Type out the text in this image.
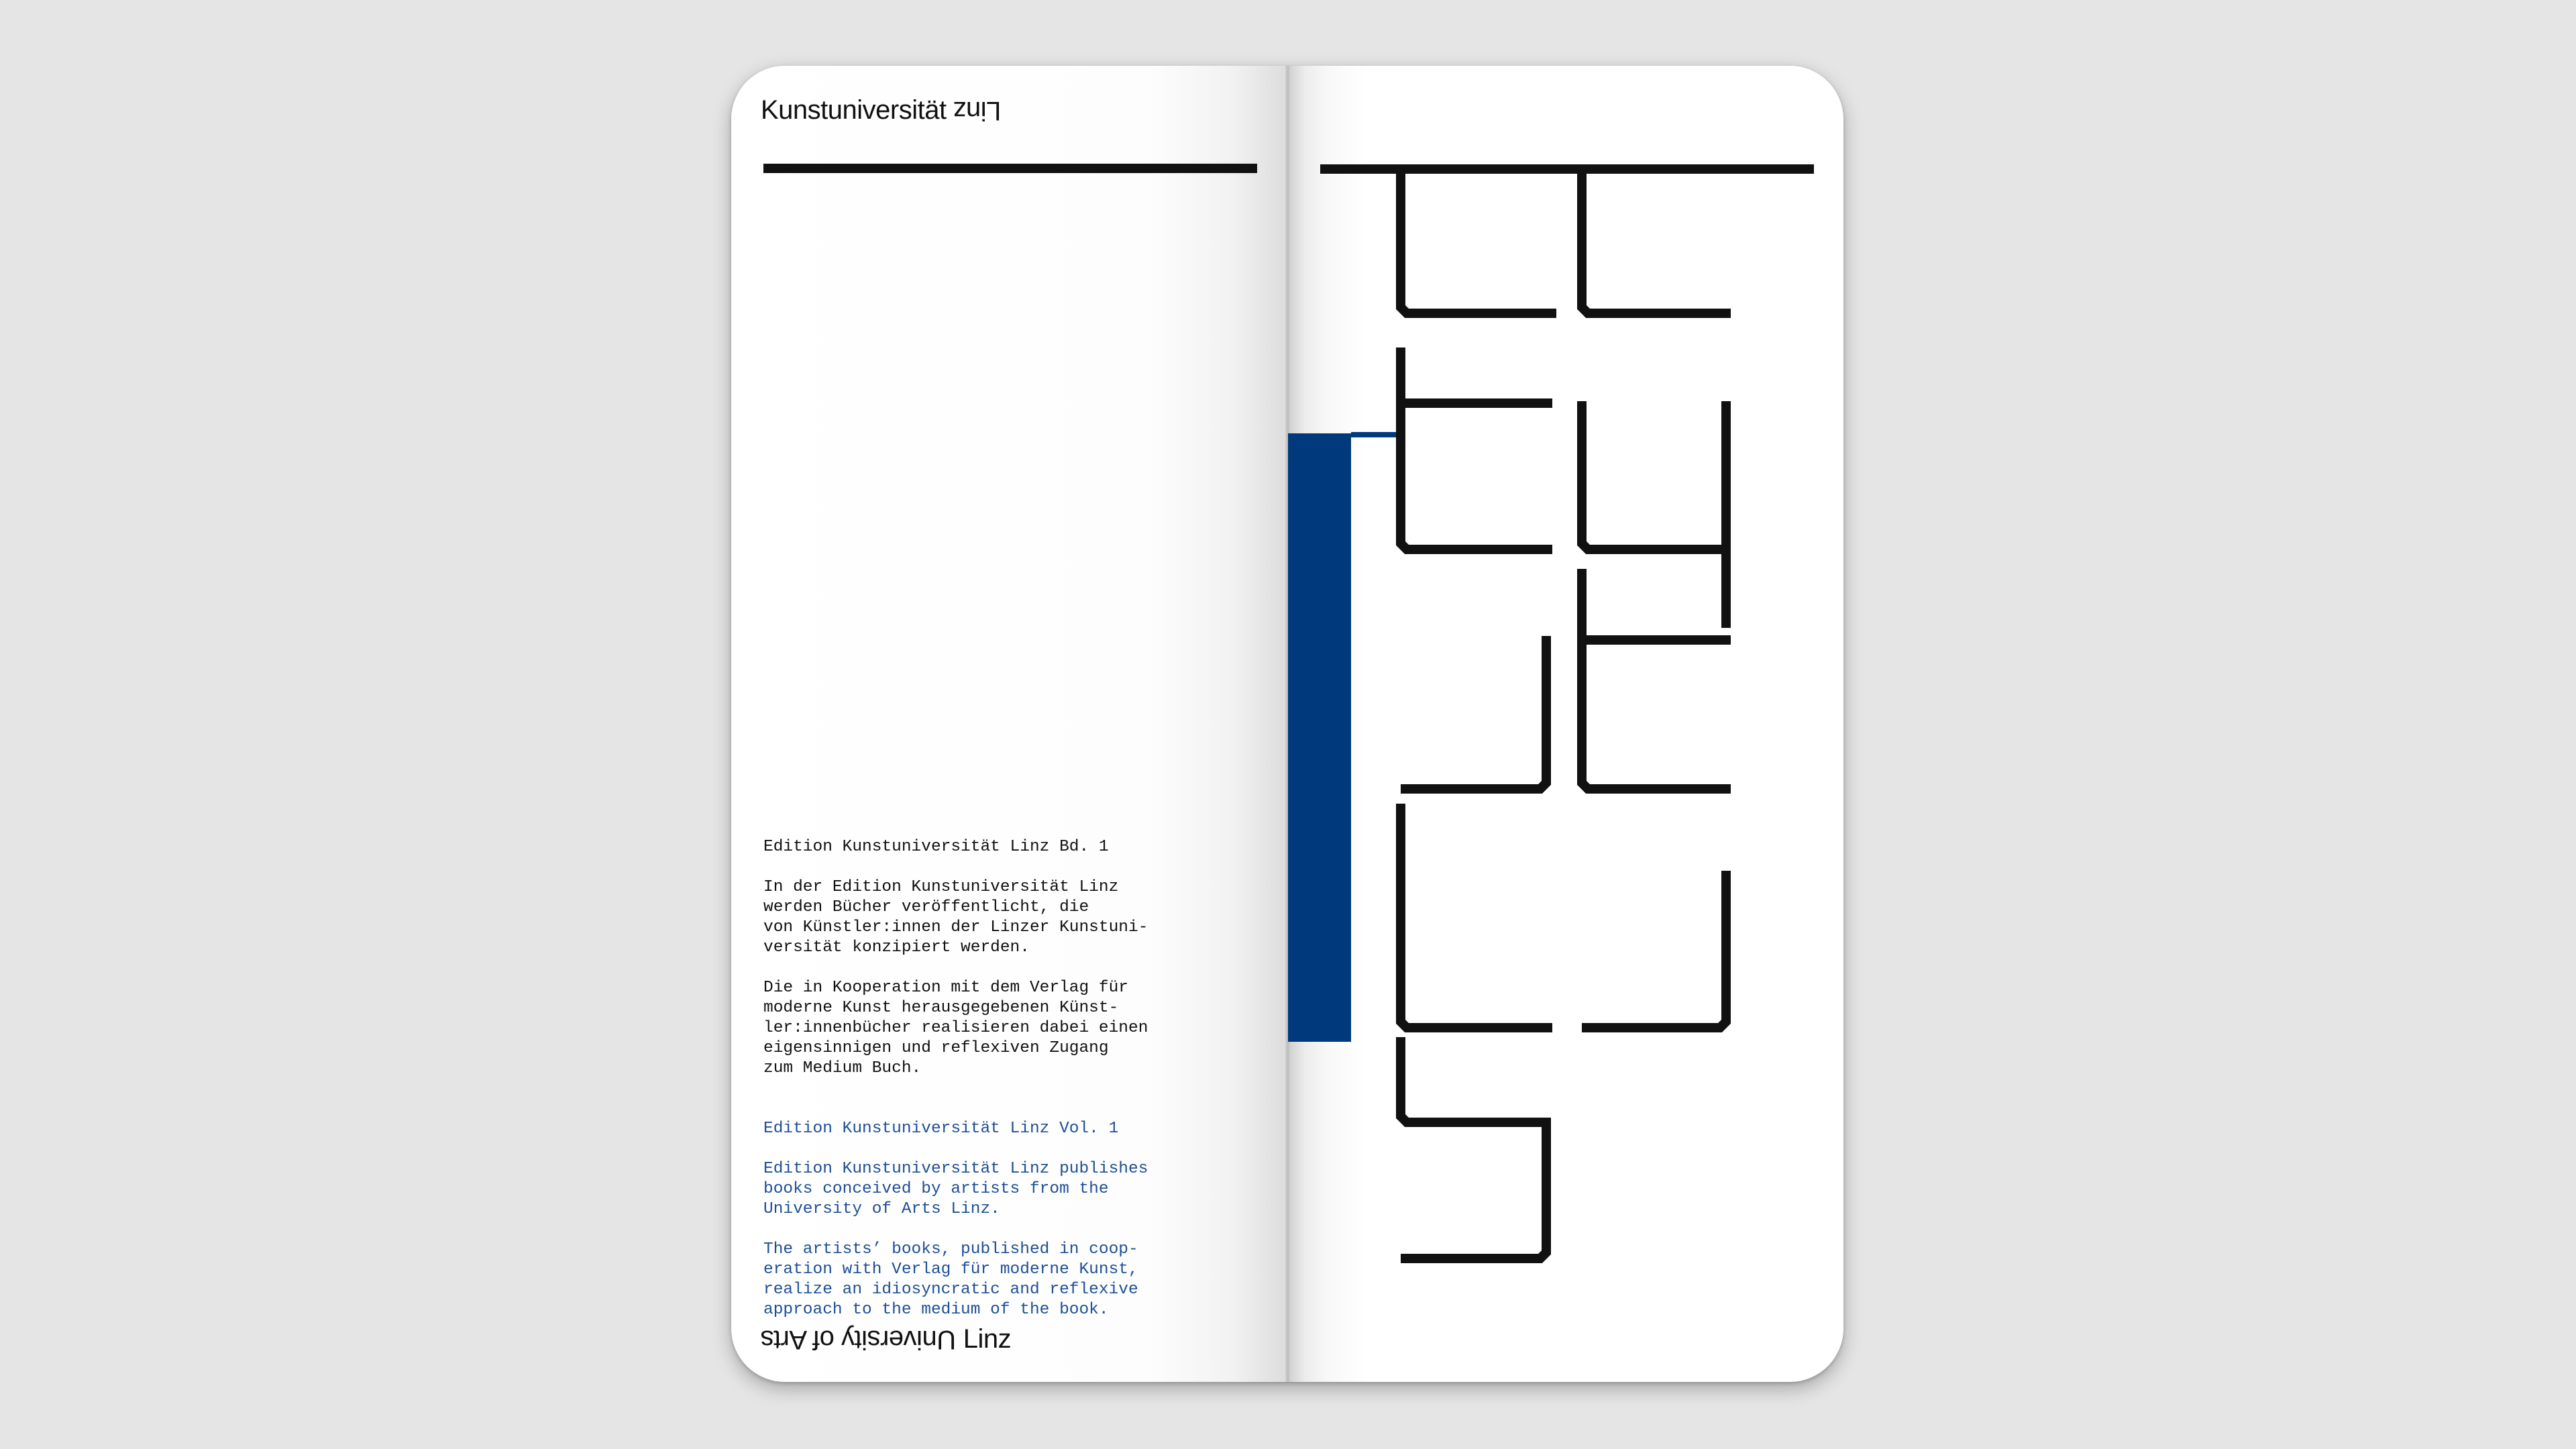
Kunstuniversität Linz

Edition Kunstuniversität Linz Bd. 1

In der Edition Kunstuniversität Linz
werden Bücher veröffentlicht, die
von Künstler:innen der Linzer Kunstuni-
versität konzipiert werden.

Die in Kooperation mit dem Verlag für
moderne Kunst herausgegebenen Künst-
ler:innenbücher realisieren dabei einen
eigensinnigen und reflexiven Zugang
zum Medium Buch.

Edition Kunstuniversität Linz Vol. 1

Edition Kunstuniversität Linz publishes
books conceived by artists from the
University of Arts Linz.

The artists’ books, published in coop-
eration with Verlag für moderne Kunst,
realize an idiosyncratic and reflexive
approach to the medium of the book.

University of Arts Linz
